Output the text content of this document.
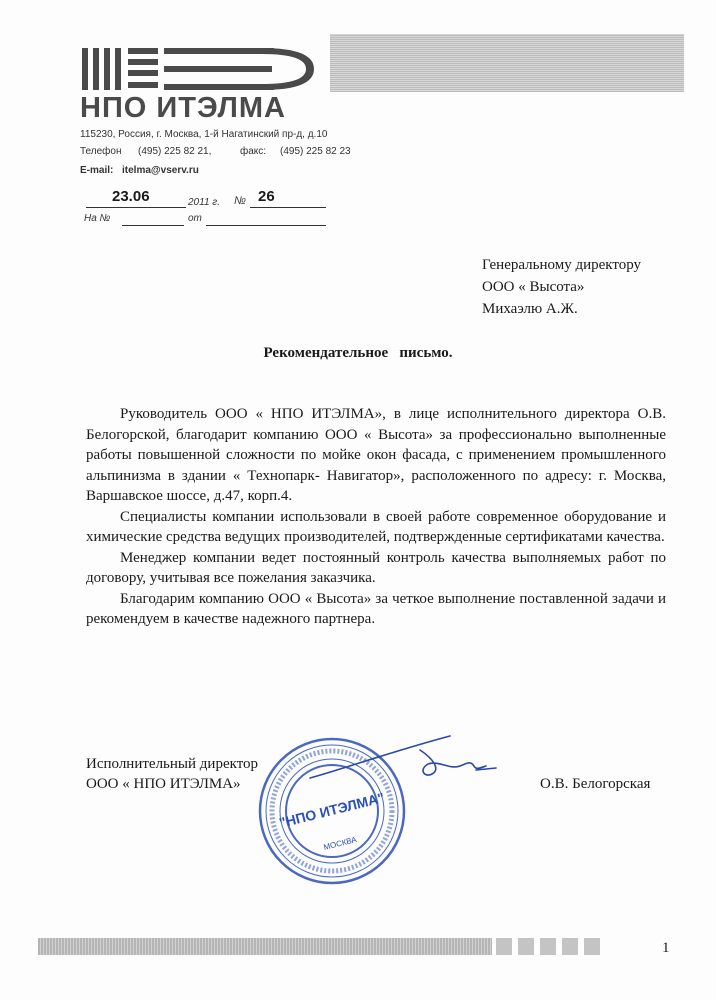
НПО ИТЭЛМА
115230, Россия, г. Москва, 1-й Нагатинский пр-д, д.10
Телефон (495) 225 82 21,	факс: (495) 225 82 23
E-mail: itelma@vserv.ru
23.06	2011 г. № 26
На №	от
Генеральному директору
ООО « Высота»
Михаэлю А.Ж.
Рекомендательное   письмо.

Руководитель ООО « НПО ИТЭЛМА», в лице исполнительного директора О.В. Белогорской, благодарит компанию ООО « Высота» за профессионально выполненные работы повышенной сложности по мойке окон фасада, с применением промышленного альпинизма в здании « Технопарк- Навигатор», расположенного по адресу: г. Москва, Варшавское шоссе, д.47, корп.4.

Специалисты компании использовали в своей работе современное оборудование и химические средства ведущих производителей, подтвержденные сертификатами качества.

Менеджер компании ведет постоянный контроль качества выполняемых работ по договору, учитывая все пожелания заказчика.

Благодарим компанию ООО « Высота» за четкое выполнение поставленной задачи и рекомендуем в качестве надежного партнера.

Исполнительный директор
ООО « НПО ИТЭЛМА»	О.В. Белогорская
"НПО ИТЭЛМА"
МОСКВА
1
